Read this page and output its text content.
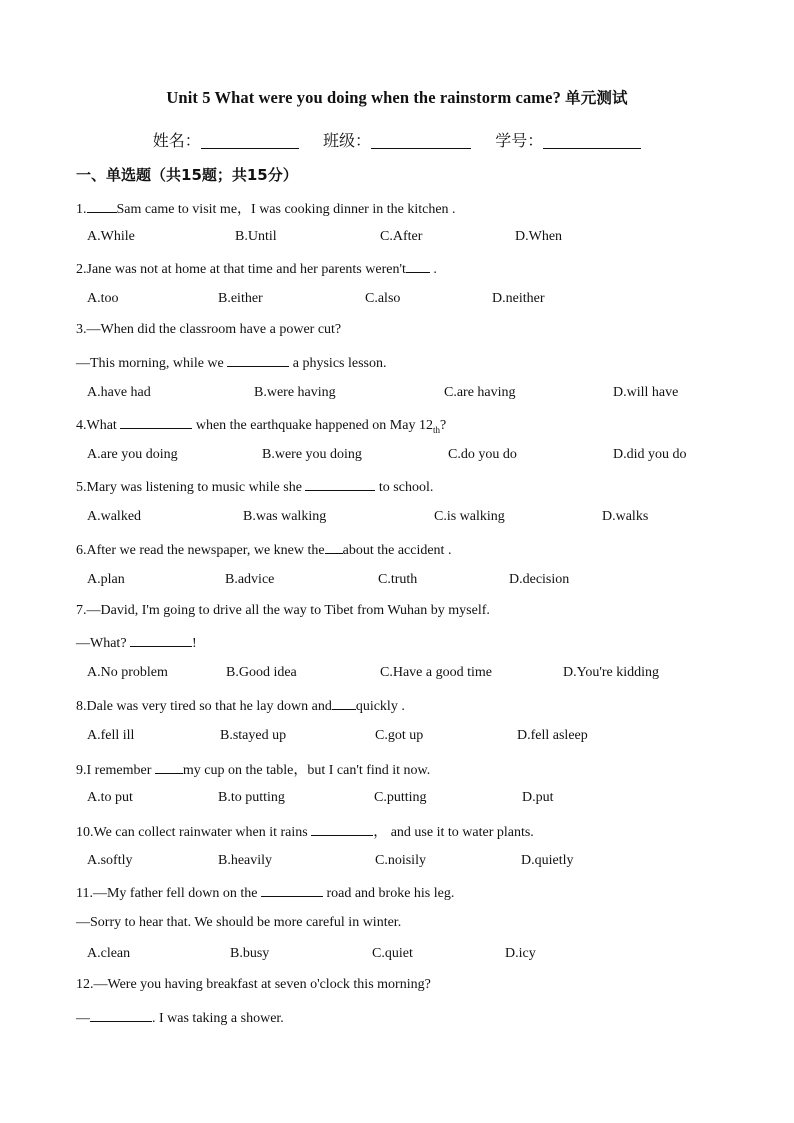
Unit 5 What were you doing when the rainstorm came? 单元测试
姓名：	班级：	学号：
一、单选题（共15题；共15分）
1. Sam came to visit me，I was cooking dinner in the kitchen .
A.While	B.Until	C.After	D.When
2.Jane was not at home at that time and her parents weren't .
A.too	B.either	C.also	D.neither
3.—When did the classroom have a power cut?
—This morning, while we	a physics lesson.
A.have had	B.were having	C.are having	D.will have
4.What	when the earthquake happened on May $12_{th}$?
A.are you doing	B.were you doing	C.do you do	D.did you do
5.Mary was listening to music while she	to school.
A.walked	B.was walking	C.is walking	D.walks
6.After we read the newspaper, we knew the about the accident .
A.plan	B.advice	C.truth	D.decision
7.—David, I'm going to drive all the way to Tibet from Wuhan by myself.
—What?	!
A.No problem	B.Good idea	C.Have a good time	D.You're kidding
8.Dale was very tired so that he lay down and quickly .
A.fell ill	B.stayed up	C.got up	D.fell asleep
9.I remember my cup on the table，but I can't find it now.
A.to put	B.to putting	C.putting	D.put
10.We can collect rainwater when it rains	， and use it to water plants.
A.softly	B.heavily	C.noisily	D.quietly
11.—My father fell down on the	road and broke his leg.
—Sorry to hear that. We should be more careful in winter.
A.clean	B.busy	C.quiet	D.icy
12.—Were you having breakfast at seven o'clock this morning?
—	. I was taking a shower.
